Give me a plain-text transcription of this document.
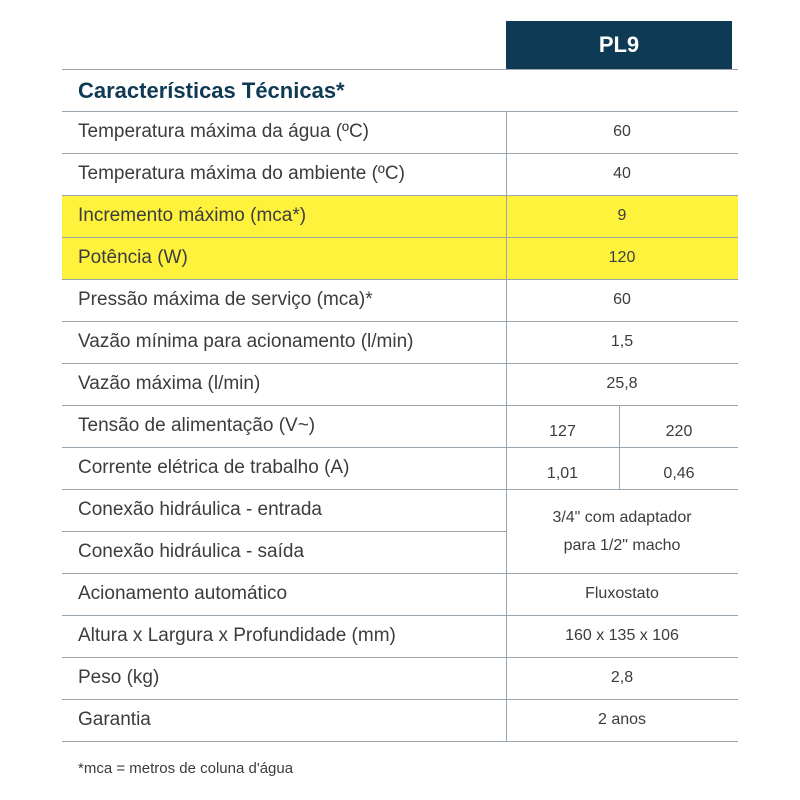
PL9
Características Técnicas*
Temperatura máxima da água (ºC)
Temperatura máxima do ambiente (ºC)
Incremento máximo (mca*)
Potência (W)
Pressão máxima de serviço (mca)*
Vazão mínima para acionamento (l/min)
Vazão máxima (l/min)
Tensão de alimentação (V~)
Corrente elétrica de trabalho (A)
Conexão hidráulica - entrada
Conexão hidráulica - saída
Acionamento automático
Altura x Largura x Profundidade (mm)
Peso (kg)
Garantia
60
40
9
120
60
1,5
25,8
127	220
1,01	0,46
3/4" com adaptador
para 1/2" macho
Fluxostato
160 x 135 x 106
2,8
2 anos
*mca = metros de coluna d'água
